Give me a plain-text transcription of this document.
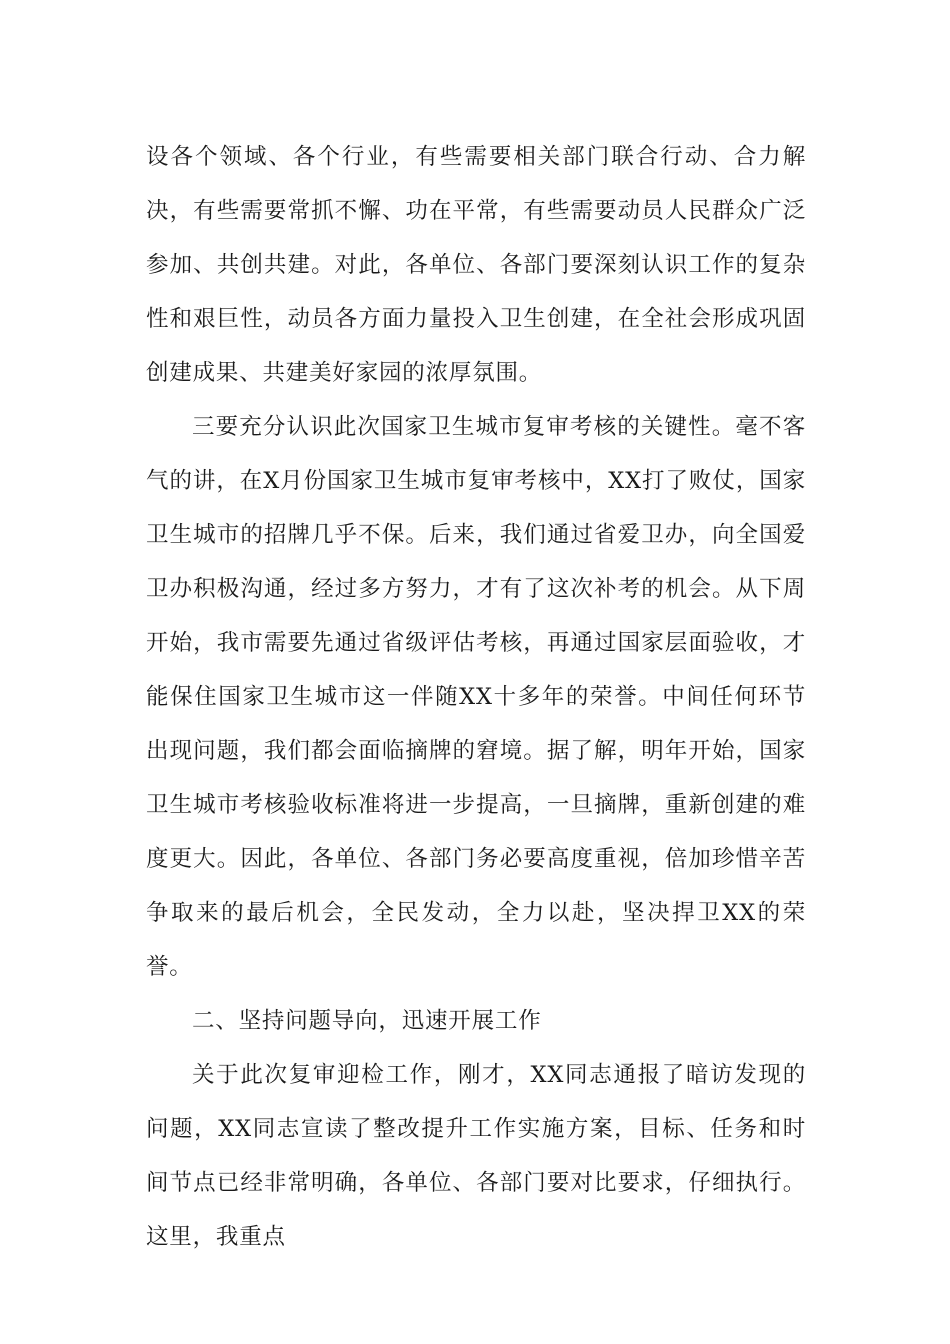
设各个领域、各个行业，有些需要相关部门联合行动、合力解决，有些需要常抓不懈、功在平常，有些需要动员人民群众广泛参加、共创共建。对此，各单位、各部门要深刻认识工作的复杂性和艰巨性，动员各方面力量投入卫生创建，在全社会形成巩固创建成果、共建美好家园的浓厚氛围。

三要充分认识此次国家卫生城市复审考核的关键性。毫不客气的讲，在X月份国家卫生城市复审考核中，XX打了败仗，国家卫生城市的招牌几乎不保。后来，我们通过省爱卫办，向全国爱卫办积极沟通，经过多方努力，才有了这次补考的机会。从下周开始，我市需要先通过省级评估考核，再通过国家层面验收，才能保住国家卫生城市这一伴随XX十多年的荣誉。中间任何环节出现问题，我们都会面临摘牌的窘境。据了解，明年开始，国家卫生城市考核验收标准将进一步提高，一旦摘牌，重新创建的难度更大。因此，各单位、各部门务必要高度重视，倍加珍惜辛苦争取来的最后机会，全民发动，全力以赴，坚决捍卫XX的荣誉。

二、坚持问题导向，迅速开展工作

关于此次复审迎检工作，刚才，XX同志通报了暗访发现的问题，XX同志宣读了整改提升工作实施方案，目标、任务和时间节点已经非常明确，各单位、各部门要对比要求，仔细执行。这里，我重点
